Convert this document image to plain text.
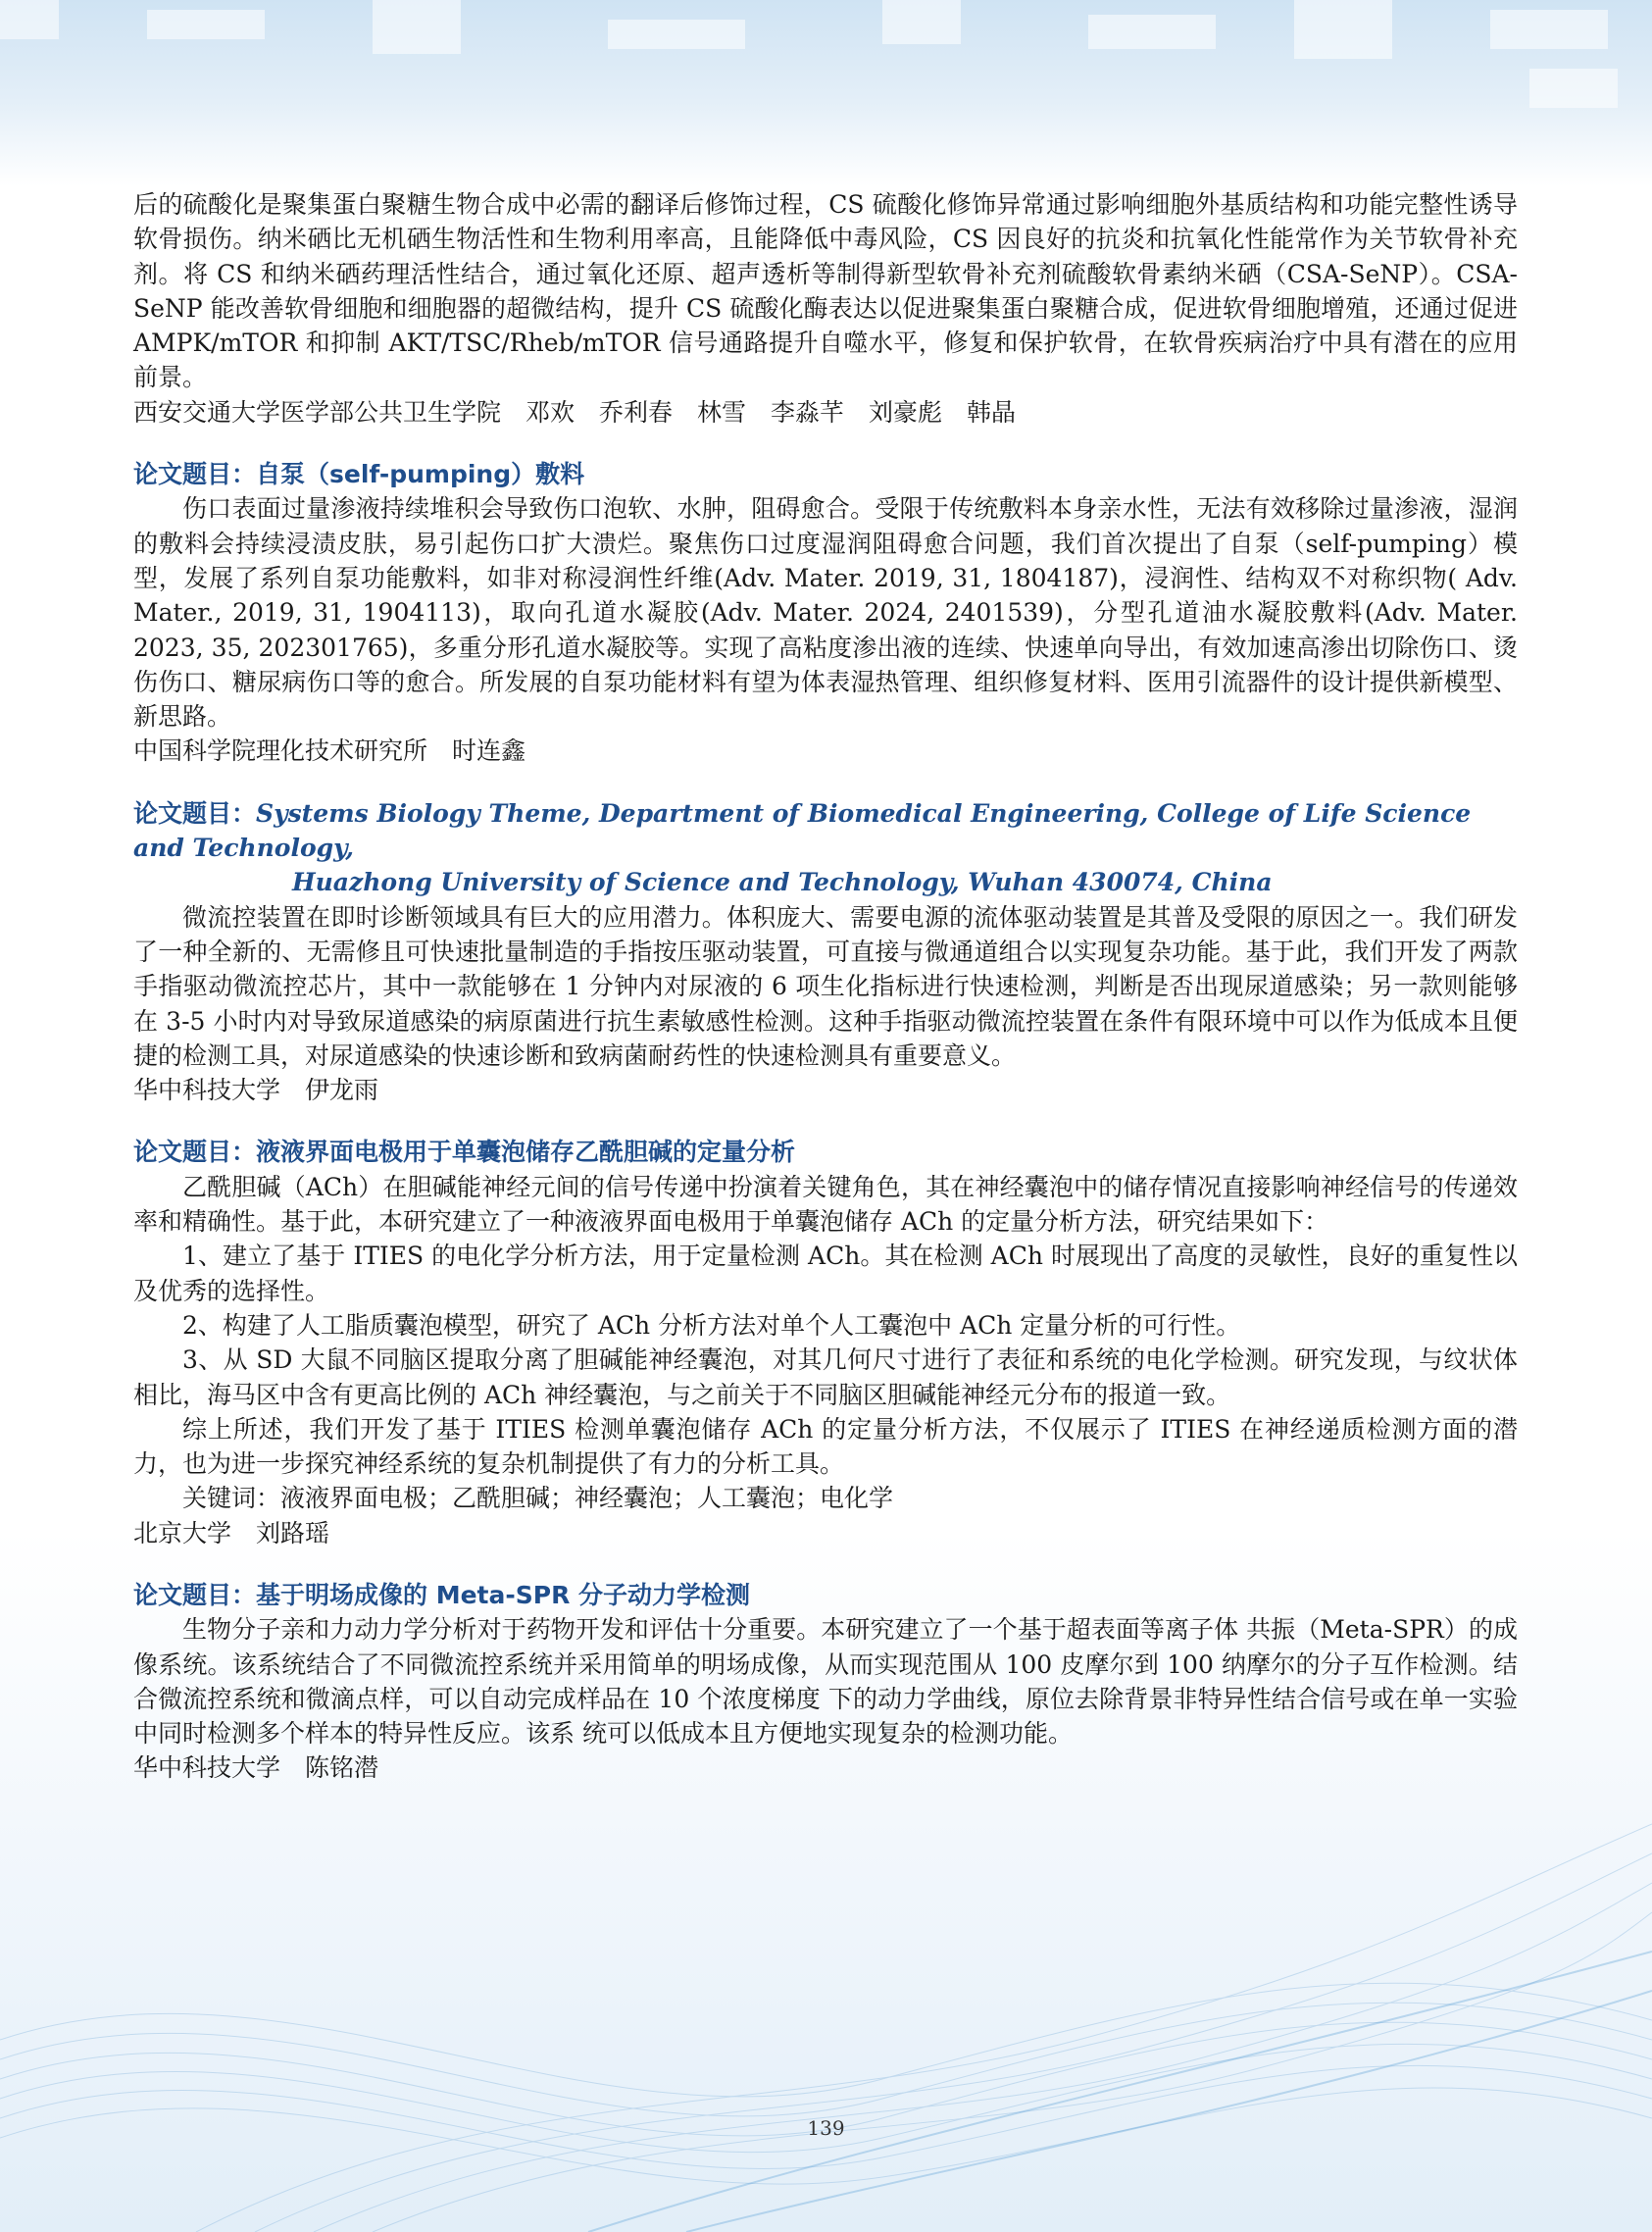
后的硫酸化是聚集蛋白聚糖生物合成中必需的翻译后修饰过程，CS 硫酸化修饰异常通过影响细胞外基质结构和功能完整性诱导软骨损伤。纳米硒比无机硒生物活性和生物利用率高，且能降低中毒风险，CS 因良好的抗炎和抗氧化性能常作为关节软骨补充剂。将 CS 和纳米硒药理活性结合，通过氧化还原、超声透析等制得新型软骨补充剂硫酸软骨素纳米硒（CSA-SeNP）。CSA-SeNP 能改善软骨细胞和细胞器的超微结构，提升 CS 硫酸化酶表达以促进聚集蛋白聚糖合成，促进软骨细胞增殖，还通过促进 AMPK/mTOR 和抑制 AKT/TSC/Rheb/mTOR 信号通路提升自噬水平，修复和保护软骨，在软骨疾病治疗中具有潜在的应用前景。

西安交通大学医学部公共卫生学院　邓欢　乔利春　林雪　李淼芊　刘豪彪　韩晶

论文题目：自泵（self-pumping）敷料

伤口表面过量渗液持续堆积会导致伤口泡软、水肿，阻碍愈合。受限于传统敷料本身亲水性，无法有效移除过量渗液，湿润的敷料会持续浸渍皮肤，易引起伤口扩大溃烂。聚焦伤口过度湿润阻碍愈合问题，我们首次提出了自泵（self-pumping）模型，发展了系列自泵功能敷料，如非对称浸润性纤维(Adv. Mater. 2019, 31, 1804187)，浸润性、结构双不对称织物( Adv. Mater., 2019, 31, 1904113)，取向孔道水凝胶(Adv. Mater. 2024, 2401539)，分型孔道油水凝胶敷料(Adv. Mater. 2023, 35, 202301765)，多重分形孔道水凝胶等。实现了高粘度渗出液的连续、快速单向导出，有效加速高渗出切除伤口、烫伤伤口、糖尿病伤口等的愈合。所发展的自泵功能材料有望为体表湿热管理、组织修复材料、医用引流器件的设计提供新模型、新思路。

中国科学院理化技术研究所　时连鑫

论文题目：Systems Biology Theme, Department of Biomedical Engineering, College of Life Science and Technology,
Huazhong University of Science and Technology, Wuhan 430074, China

微流控装置在即时诊断领域具有巨大的应用潜力。体积庞大、需要电源的流体驱动装置是其普及受限的原因之一。我们研发了一种全新的、无需修且可快速批量制造的手指按压驱动装置，可直接与微通道组合以实现复杂功能。基于此，我们开发了两款手指驱动微流控芯片，其中一款能够在 1 分钟内对尿液的 6 项生化指标进行快速检测，判断是否出现尿道感染；另一款则能够在 3-5 小时内对导致尿道感染的病原菌进行抗生素敏感性检测。这种手指驱动微流控装置在条件有限环境中可以作为低成本且便捷的检测工具，对尿道感染的快速诊断和致病菌耐药性的快速检测具有重要意义。

华中科技大学　伊龙雨

论文题目：液液界面电极用于单囊泡储存乙酰胆碱的定量分析

乙酰胆碱（ACh）在胆碱能神经元间的信号传递中扮演着关键角色，其在神经囊泡中的储存情况直接影响神经信号的传递效率和精确性。基于此，本研究建立了一种液液界面电极用于单囊泡储存 ACh 的定量分析方法，研究结果如下：

1、建立了基于 ITIES 的电化学分析方法，用于定量检测 ACh。其在检测 ACh 时展现出了高度的灵敏性，良好的重复性以及优秀的选择性。

2、构建了人工脂质囊泡模型，研究了 ACh 分析方法对单个人工囊泡中 ACh 定量分析的可行性。

3、从 SD 大鼠不同脑区提取分离了胆碱能神经囊泡，对其几何尺寸进行了表征和系统的电化学检测。研究发现，与纹状体相比，海马区中含有更高比例的 ACh 神经囊泡，与之前关于不同脑区胆碱能神经元分布的报道一致。

综上所述，我们开发了基于 ITIES 检测单囊泡储存 ACh 的定量分析方法，不仅展示了 ITIES 在神经递质检测方面的潜力，也为进一步探究神经系统的复杂机制提供了有力的分析工具。

关键词：液液界面电极；乙酰胆碱；神经囊泡；人工囊泡；电化学

北京大学　刘路瑶

论文题目：基于明场成像的 Meta-SPR 分子动力学检测

生物分子亲和力动力学分析对于药物开发和评估十分重要。本研究建立了一个基于超表面等离子体 共振（Meta-SPR）的成像系统。该系统结合了不同微流控系统并采用简单的明场成像，从而实现范围从 100 皮摩尔到 100 纳摩尔的分子互作检测。结合微流控系统和微滴点样，可以自动完成样品在 10 个浓度梯度 下的动力学曲线，原位去除背景非特异性结合信号或在单一实验中同时检测多个样本的特异性反应。该系 统可以低成本且方便地实现复杂的检测功能。

华中科技大学　陈铭潜

139
